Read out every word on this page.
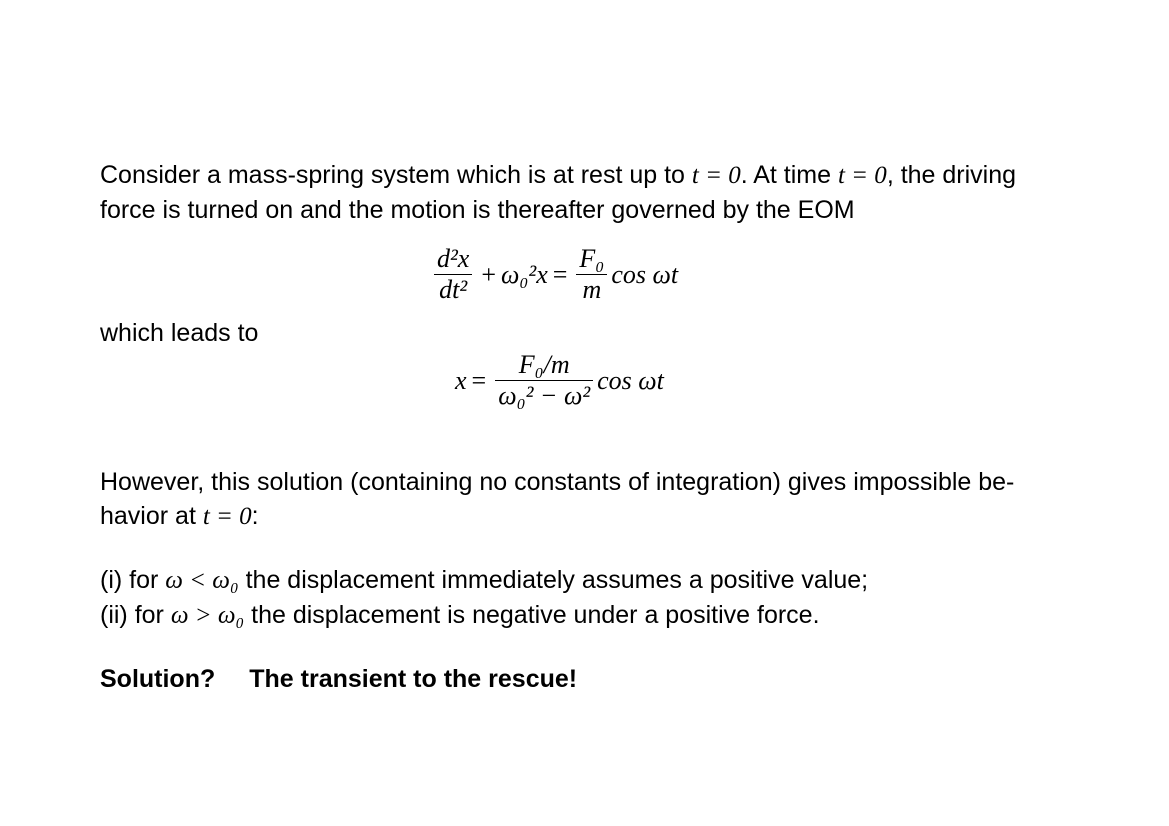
Consider a mass-spring system which is at rest up to t = 0. At time t = 0, the driving
force is turned on and the motion is thereafter governed by the EOM
$\frac{\text{d²x}}{\text{dt²}} + \omega_0^2x = \frac{\text{F₀}}{m}$ cos ωt
which leads to
$x = \frac{\text{F₀/m}}{\text{ω₀² − ω²}}$ cos ωt
However, this solution (containing no constants of integration) gives impossible be-
havior at t = 0:
(i) for ω < ω₀ the displacement immediately assumes a positive value;
(ii) for ω > ω₀ the displacement is negative under a positive force.
Solution? The transient to the rescue!
